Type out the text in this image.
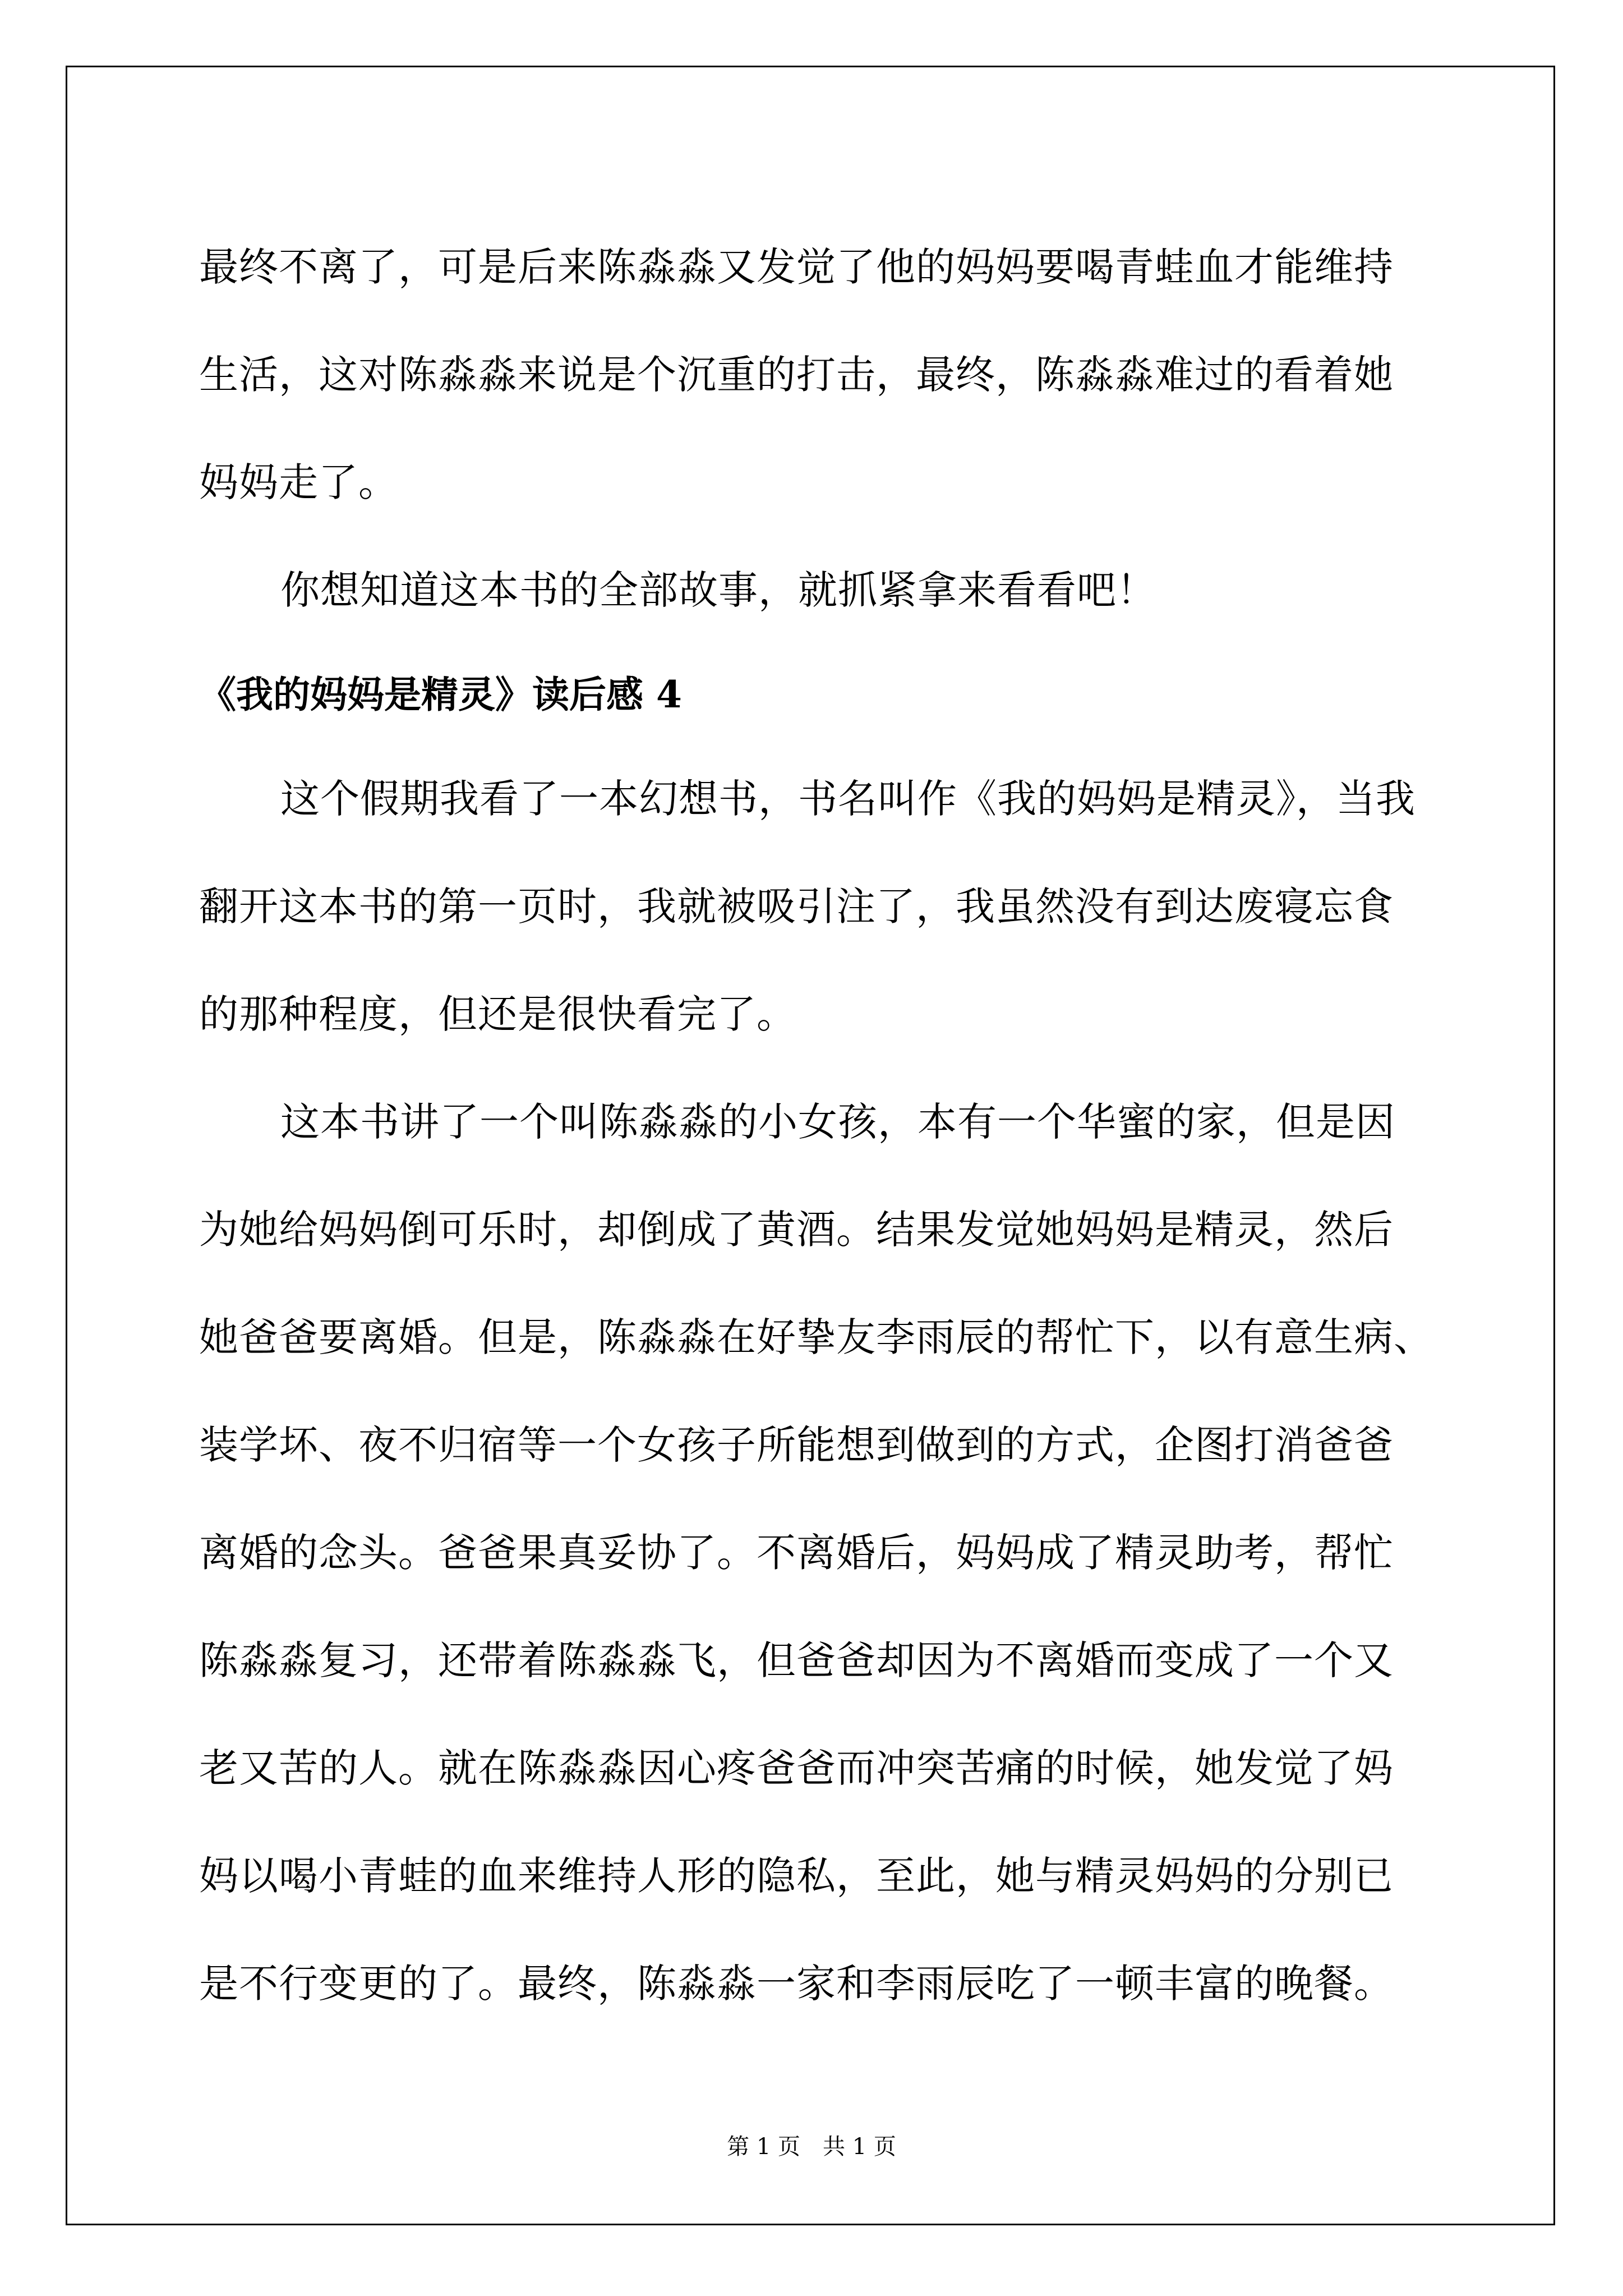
最终不离了，可是后来陈淼淼又发觉了他的妈妈要喝青蛙血才能维持
生活，这对陈淼淼来说是个沉重的打击，最终，陈淼淼难过的看着她
妈妈走了。

你想知道这本书的全部故事，就抓紧拿来看看吧！

《我的妈妈是精灵》读后感 4

这个假期我看了一本幻想书，书名叫作《我的妈妈是精灵》，当我
翻开这本书的第一页时，我就被吸引注了，我虽然没有到达废寝忘食
的那种程度，但还是很快看完了。

这本书讲了一个叫陈淼淼的小女孩，本有一个华蜜的家，但是因
为她给妈妈倒可乐时，却倒成了黄酒。结果发觉她妈妈是精灵，然后
她爸爸要离婚。但是，陈淼淼在好挚友李雨辰的帮忙下，以有意生病、
装学坏、夜不归宿等一个女孩子所能想到做到的方式，企图打消爸爸
离婚的念头。爸爸果真妥协了。不离婚后，妈妈成了精灵助考，帮忙
陈淼淼复习，还带着陈淼淼飞，但爸爸却因为不离婚而变成了一个又
老又苦的人。就在陈淼淼因心疼爸爸而冲突苦痛的时候，她发觉了妈
妈以喝小青蛙的血来维持人形的隐私，至此，她与精灵妈妈的分别已
是不行变更的了。最终，陈淼淼一家和李雨辰吃了一顿丰富的晚餐。

第 1 页　共 1 页
